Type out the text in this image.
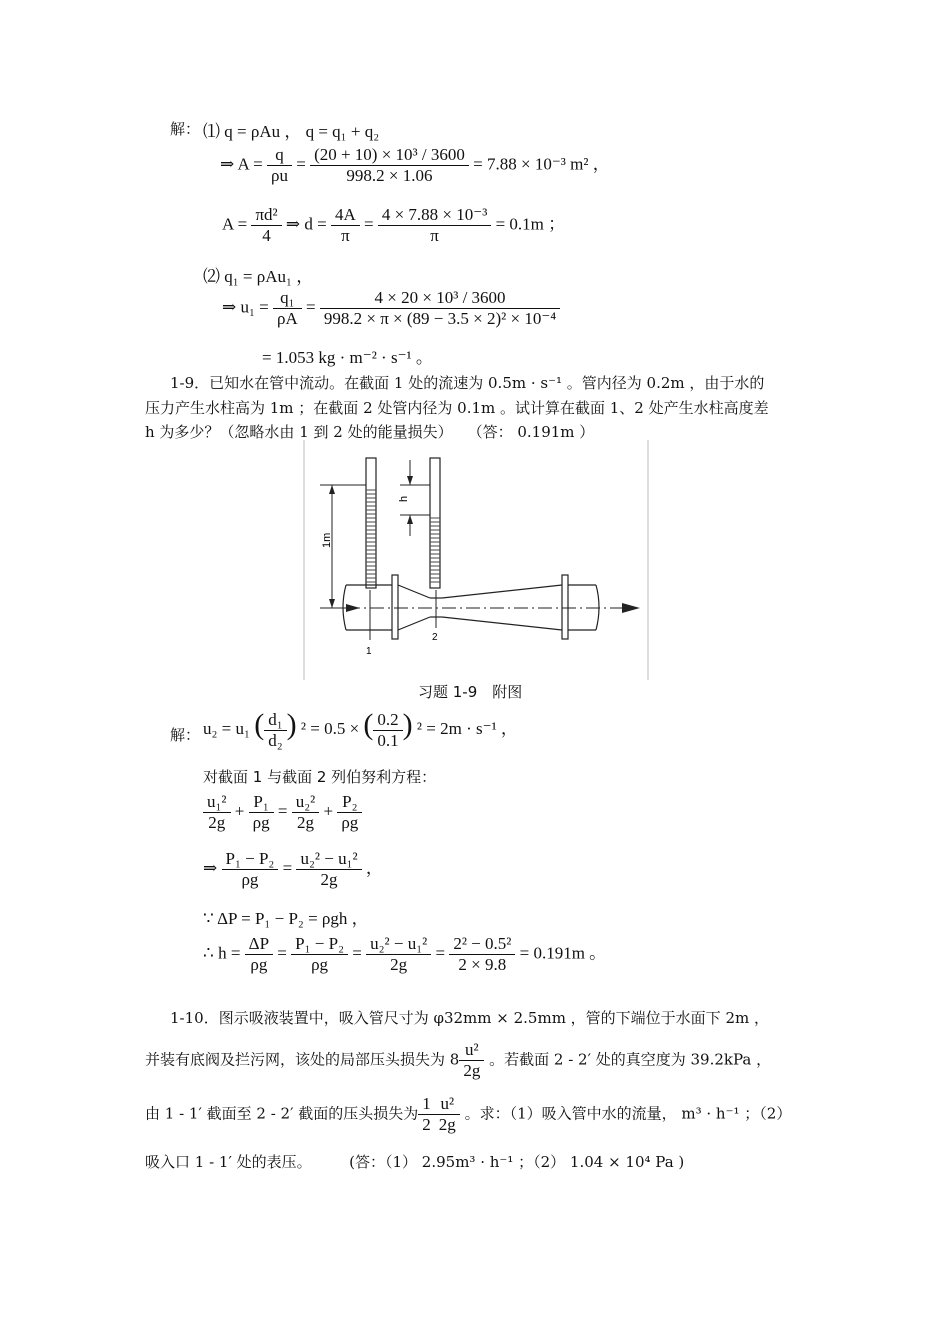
解： ⑴ q = ρAu ， q = q₁ + q₂
⇒ $A = \frac{q}{\rho u} = \frac{\text{(20 + 10) × 10³ / 3600}}{998.2 \times 1.06} = 7.88 \times 10^{-3}$ m² ，
$A = \frac{\text{πd²}}{4}$ ⇒ $d = \frac{4A}{\pi} = \frac{\text{4 × 7.88 × 10⁻³}}{\pi} = 0.1m$ ；
⑵ q₁ = ρAu₁ ，
⇒ $u_1 = \frac{\text{q₁}}{\rho A} = \frac{\text{4 × 20 × 10³ / 3600}}{\text{998.2 × π × (89 − 3.5 × 2)² × 10⁻⁴}}$
= 1.053 kg · m⁻² · s⁻¹ 。
1-9．已知水在管中流动。在截面 1 处的流速为 0.5m · s⁻¹ 。管内径为 0.2m ，由于水的
压力产生水柱高为 1m ；在截面 2 处管内径为 0.1m 。试计算在截面 1、2 处产生水柱高度差
h 为多少？（忽略水由 1 到 2 处的能量损失）　　（答： 0.191m ）
1m
h
1
2
习题 1-9　附图
解： u₂ = u₁ ( $\frac{\text{d₁}}{\text{d₂}}$ ) ² = 0.5 × ( $\frac{0.2}{0.1}$ ) ² = 2m · s⁻¹ ，
对截面 1 与截面 2 列伯努利方程：
$\frac{\text{u₁²}}{2g} + \frac{\text{P₁}}{\rho g} = \frac{\text{u₂²}}{2g} + \frac{\text{P₂}}{\rho g}$
⇒ $\frac{\text{P₁ − P₂}}{\rho g} = \frac{\text{u₂² − u₁²}}{2g}$ ，
∵ ΔP = P₁ − P₂ = ρgh ，
∴ $h = \frac{\Delta P}{\rho g} = \frac{\text{P₁ − P₂}}{\rho g} = \frac{\text{u₂² − u₁²}}{2g} = \frac{\text{2² − 0.5²}}{2 \times 9.8} = 0.191m$ 。
1-10．图示吸液装置中，吸入管尺寸为 φ32mm × 2.5mm ，管的下端位于水面下 2m ，
并装有底阀及拦污网，该处的局部压头损失为 $8 \frac{\text{u²}}{2g}$ 。若截面 2 - 2′ 处的真空度为 39.2kPa ，
由 1 - 1′ 截面至 2 - 2′ 截面的压头损失为 $\frac{1}{2} \frac{\text{u²}}{2g}$ 。求：（1）吸入管中水的流量， m³ · h⁻¹ ；（2）
吸入口 1 - 1′ 处的表压。　　　(答：（1） 2.95m³ · h⁻¹ ；（2） 1.04 × 10⁴ Pa )
